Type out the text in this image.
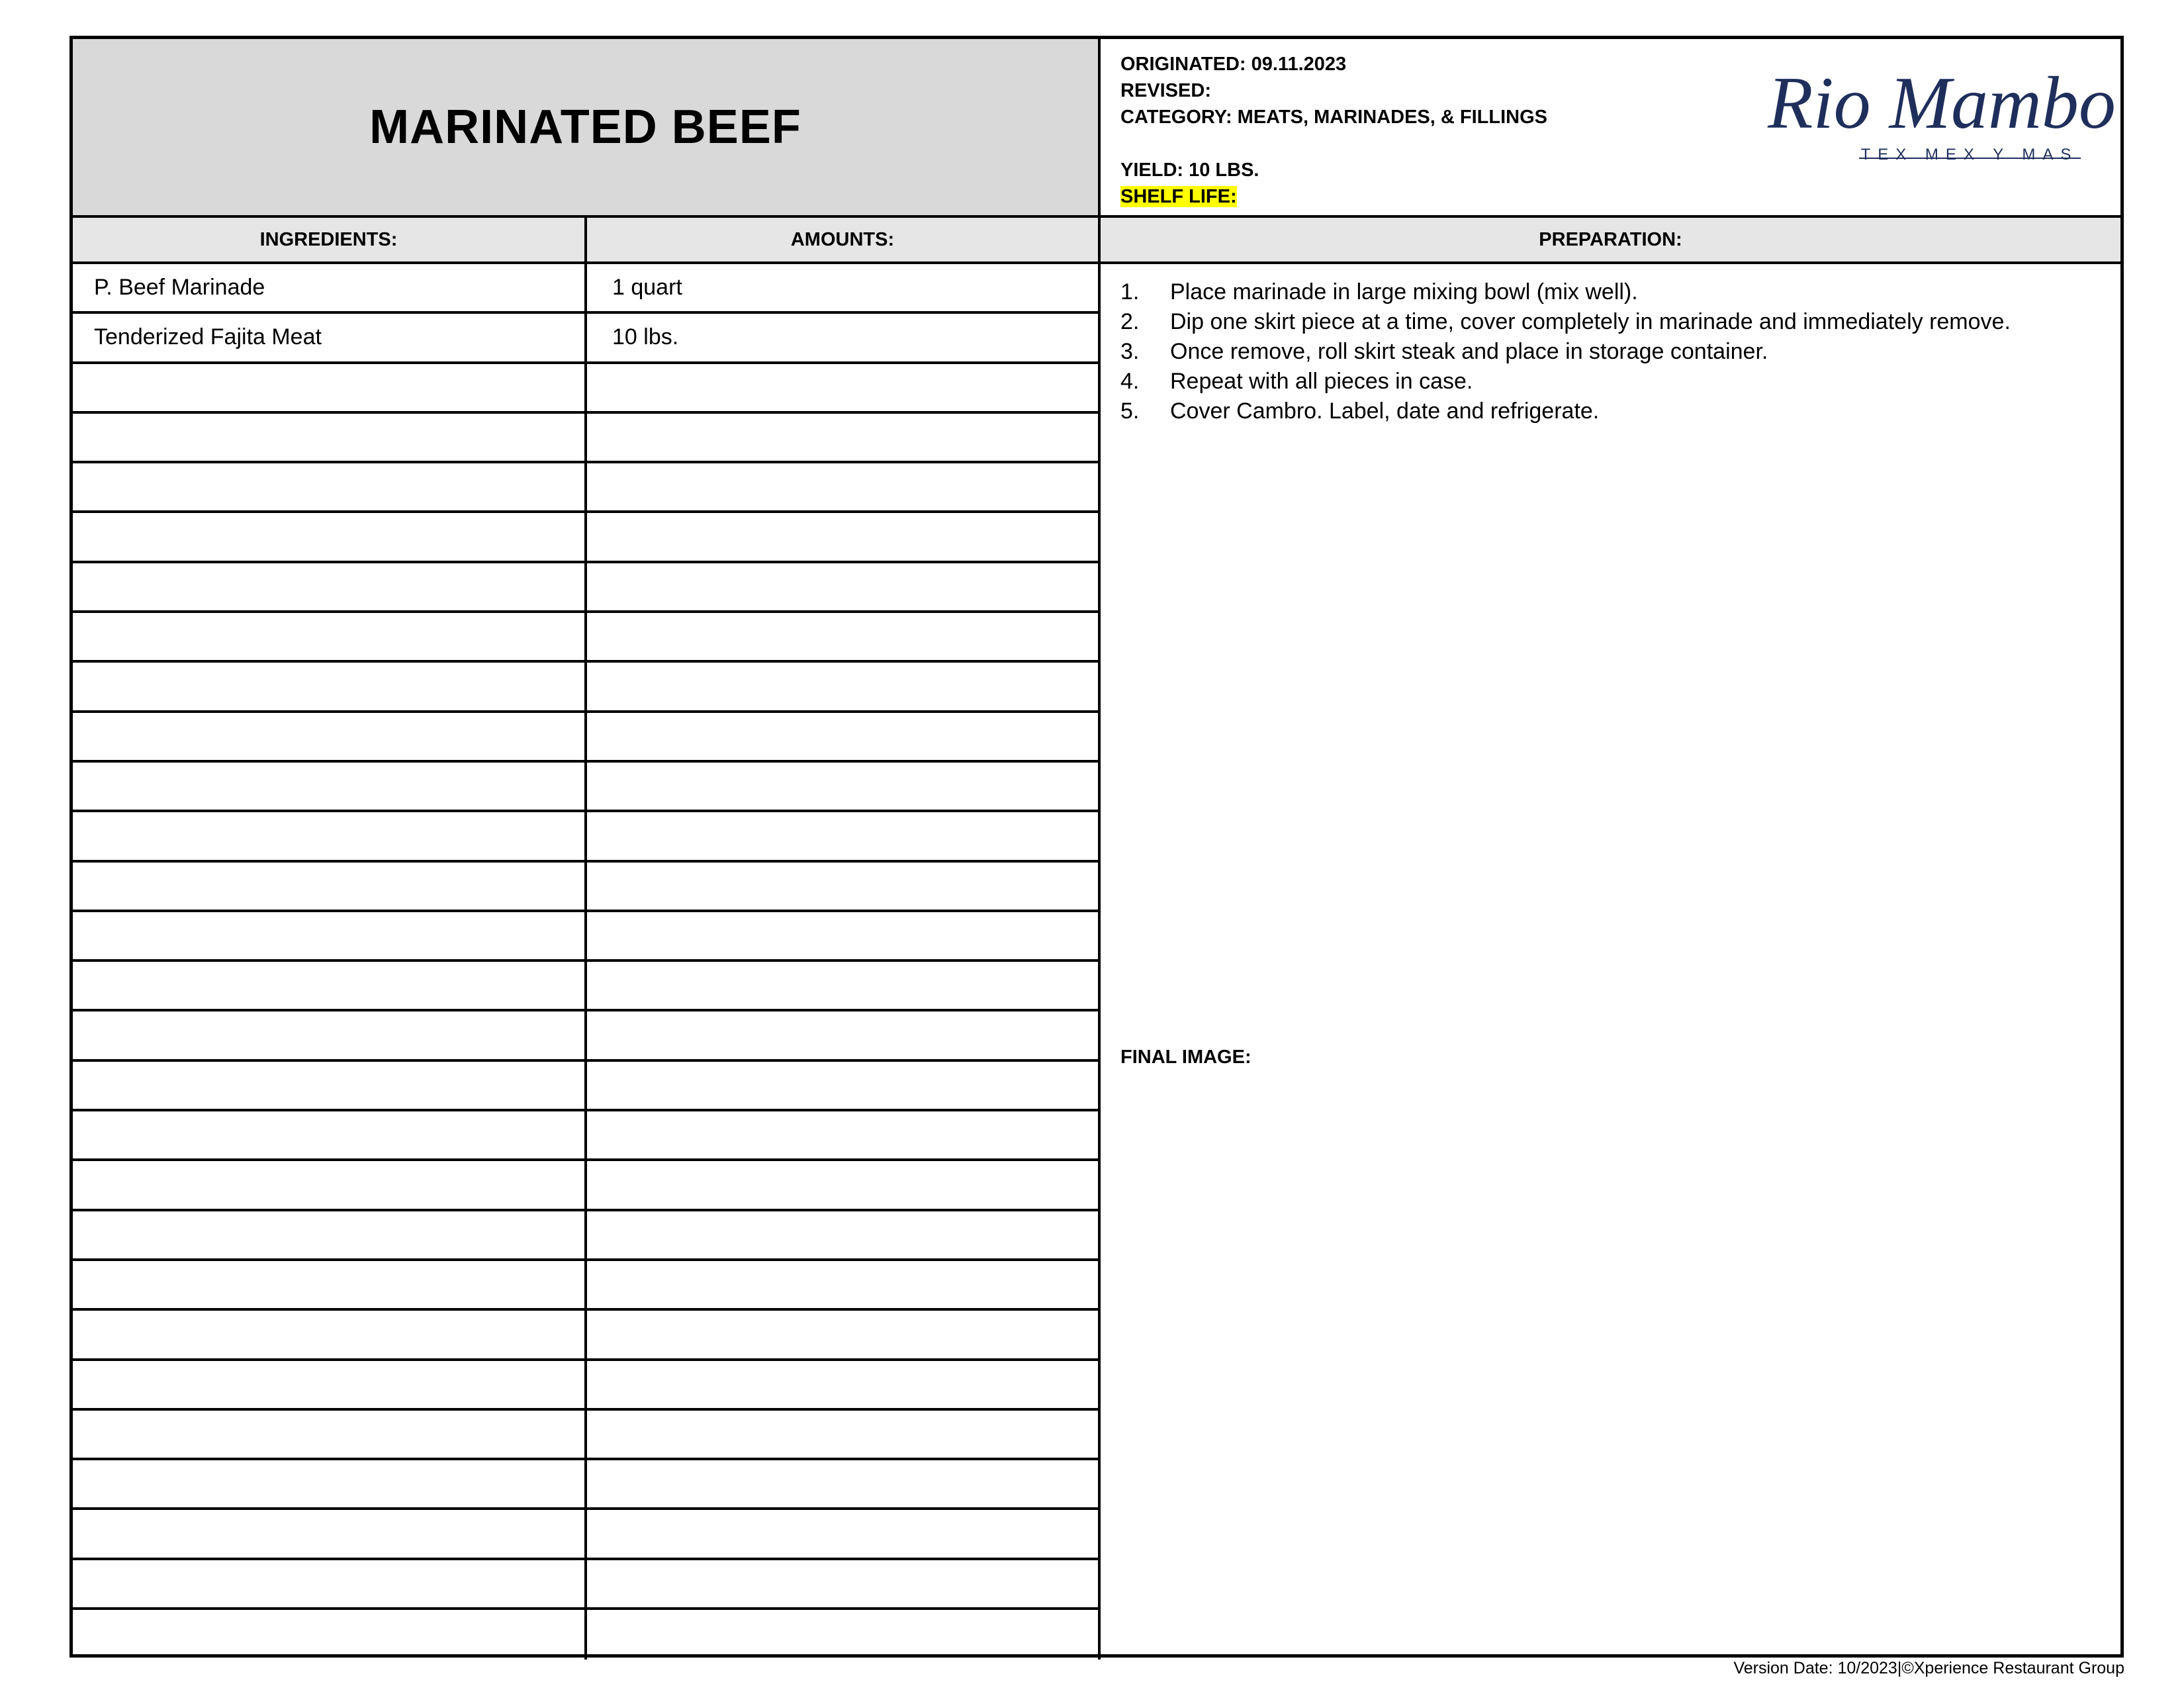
MARINATED BEEF
ORIGINATED: 09.11.2023
REVISED:
CATEGORY: MEATS, MARINADES, & FILLINGS
YIELD: 10 LBS.
SHELF LIFE:
Rio Mambo
TEX MEX Y MAS
INGREDIENTS:	AMOUNTS:	PREPARATION:
P. Beef Marinade	1 quart
Tenderized Fajita Meat	10 lbs.
1.	Place marinade in large mixing bowl (mix well).
2.	Dip one skirt piece at a time, cover completely in marinade and immediately remove.
3.	Once remove, roll skirt steak and place in storage container.
4.	Repeat with all pieces in case.
5.	Cover Cambro. Label, date and refrigerate.
FINAL IMAGE:
Version Date: 10/2023|©Xperience Restaurant Group
